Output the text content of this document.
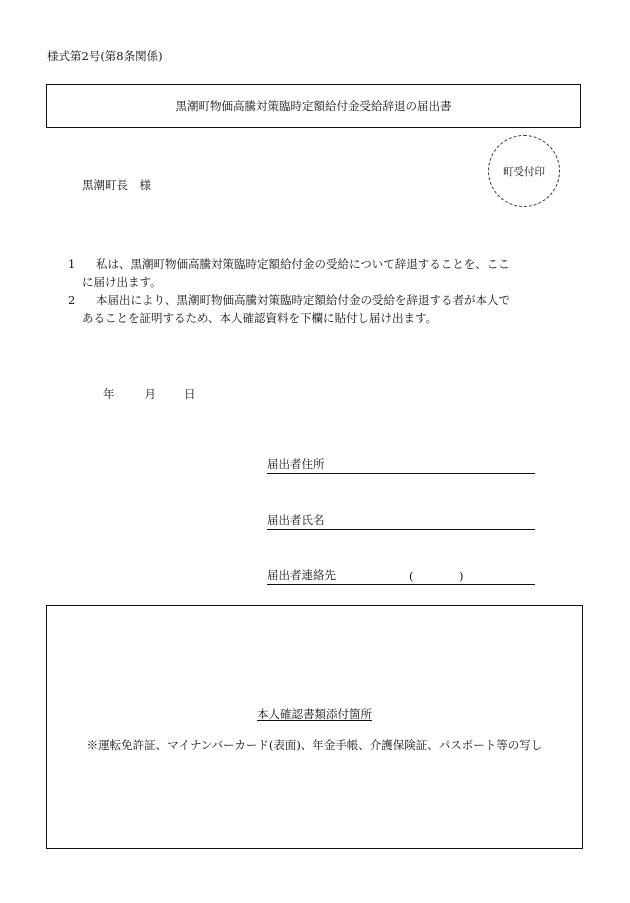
様式第2号(第8条関係)
黒潮町物価高騰対策臨時定額給付金受給辞退の届出書
黒潮町長　様
町受付印
1	私は、黒潮町物価高騰対策臨時定額給付金の受給について辞退することを、ここ
に届け出ます。
2	本届出により、黒潮町物価高騰対策臨時定額給付金の受給を辞退する者が本人で
あることを証明するため、本人確認資料を下欄に貼付し届け出ます。
年	月 日
届出者住所
届出者氏名
届出者連絡先	(	)
本人確認書類添付箇所
※運転免許証、マイナンバーカード(表面)、年金手帳、介護保険証、パスポート等の写し
